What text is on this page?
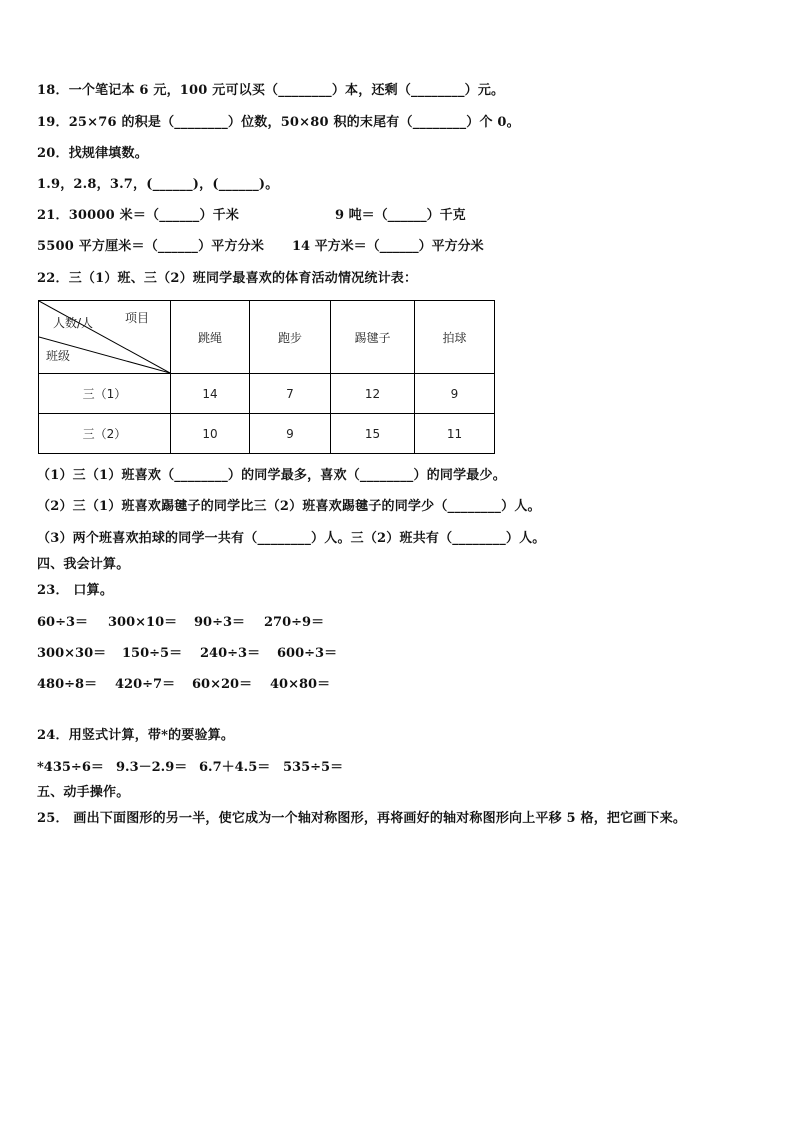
18．一个笔记本 6 元，100 元可以买（________）本，还剩（________）元。
19．25×76 的积是（________）位数，50×80 积的末尾有（________）个 0。
20．找规律填数。
1.9，2.8，3.7，(______)，(______)。
21．30000 米＝（______）千米	9 吨＝（______）千克
5500 平方厘米＝（______）平方分米 14 平方米＝（______）平方分米
22．三（1）班、三（2）班同学最喜欢的体育活动情况统计表：
项目
人数/人
班级	跳绳	跑步	踢毽子	拍球
三（1）	14	7	12	9
三（2）	10	9	15	11
（1）三（1）班喜欢（________）的同学最多，喜欢（________）的同学最少。
（2）三（1）班喜欢踢毽子的同学比三（2）班喜欢踢毽子的同学少（________）人。
（3）两个班喜欢拍球的同学一共有（________）人。三（2）班共有（________）人。
四、我会计算。
23． 口算。
60÷3＝ 300×10＝ 90÷3＝ 270÷9＝
300×30＝ 150÷5＝ 240÷3＝ 600÷3＝
480÷8＝ 420÷7＝ 60×20＝ 40×80＝
24．用竖式计算，带*的要验算。
*435÷6＝ 9.3－2.9＝ 6.7＋4.5＝ 535÷5＝
五、动手操作。
25． 画出下面图形的另一半，使它成为一个轴对称图形，再将画好的轴对称图形向上平移 5 格，把它画下来。
